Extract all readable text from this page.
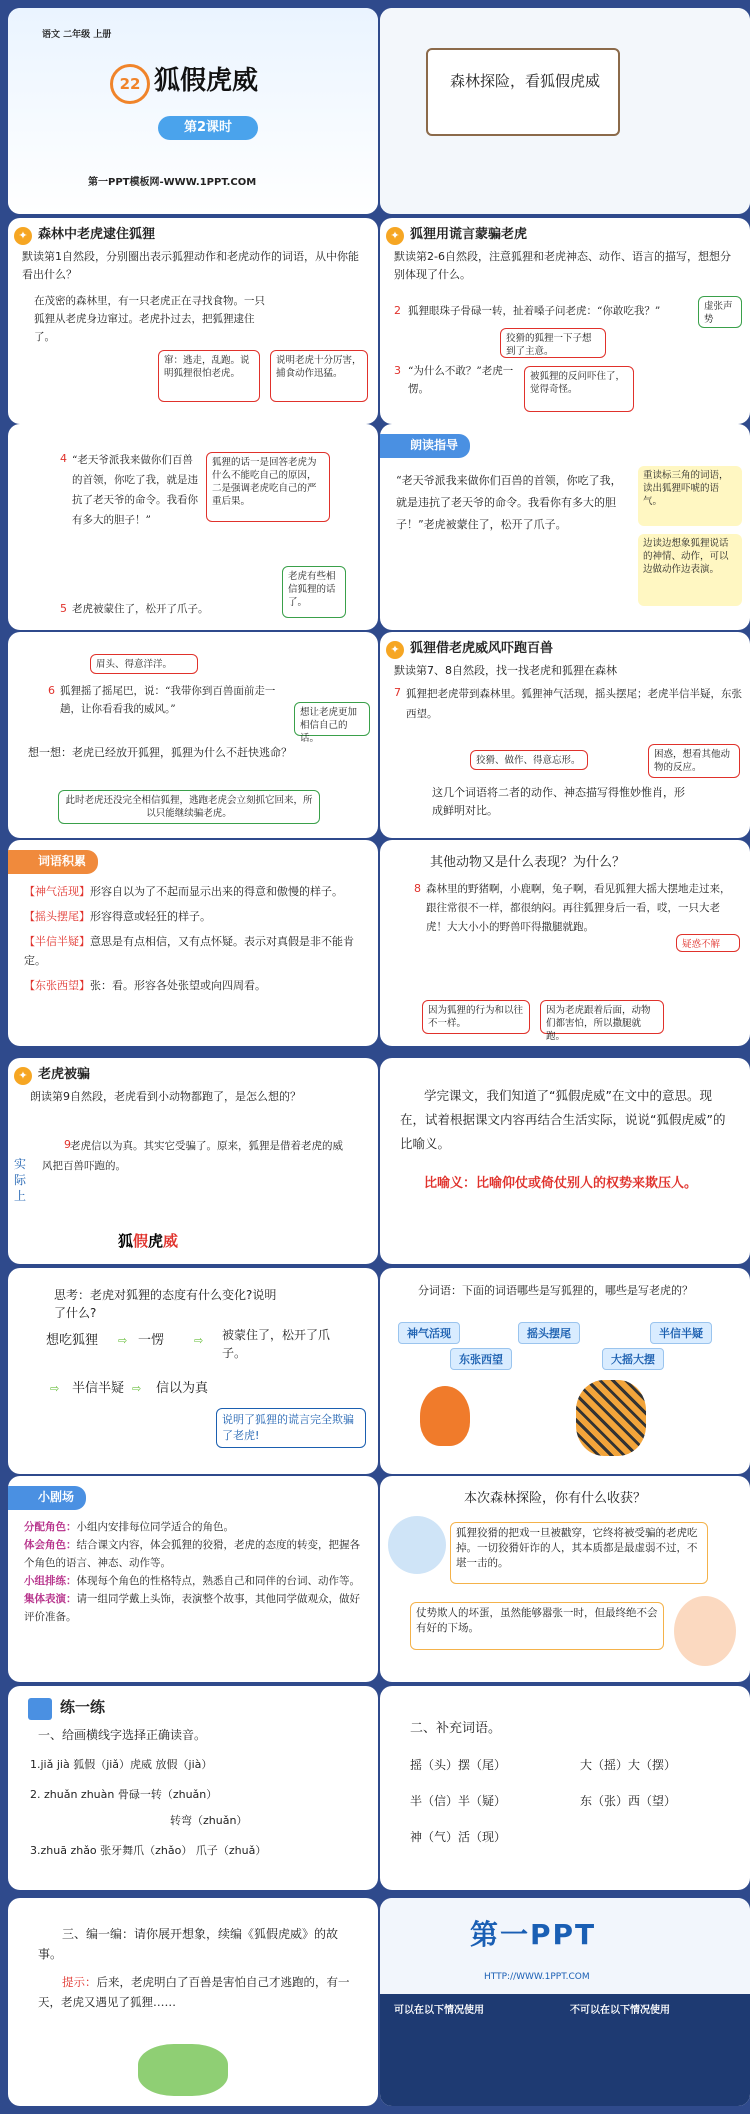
语文 二年级 上册
22 狐假虎威
第2课时
第一PPT模板网-WWW.1PPT.COM
森林探险，看狐假虎威
✦ 森林中老虎逮住狐狸
默读第1自然段，分别圈出表示狐狸动作和老虎动作的词语，从中你能看出什么？
在茂密的森林里，有一只老虎正在寻找食物。一只狐狸从老虎身边窜过。老虎扑过去，把狐狸逮住了。
窜：逃走，乱跑。说明狐狸很怕老虎。
说明老虎十分厉害，捕食动作迅猛。
✦ 狐狸用谎言蒙骗老虎
默读第2-6自然段，注意狐狸和老虎神态、动作、语言的描写，想想分别体现了什么。
2 狐狸眼珠子骨碌一转，扯着嗓子问老虎：“你敢吃我？”
3 “为什么不敢？”老虎一愣。
狡猾的狐狸一下子想到了主意。
虚张声势
被狐狸的反问吓住了，觉得奇怪。
4 “老天爷派我来做你们百兽的首领，你吃了我，就是违抗了老天爷的命令。我看你有多大的胆子！”
5 老虎被蒙住了，松开了爪子。
狐狸的话一是回答老虎为什么不能吃自己的原因，二是强调老虎吃自己的严重后果。
老虎有些相信狐狸的话了。
朗读指导
“老天爷派我来做你们百兽的首领，你吃了我，就是违抗了老天爷的命令。我看你有多大的胆子！”老虎被蒙住了，松开了爪子。
重读标三角的词语，读出狐狸吓唬的语气。
边读边想象狐狸说话的神情、动作，可以边做动作边表演。
眉头、得意洋洋。
6 狐狸摇了摇尾巴，说：“我带你到百兽面前走一趟，让你看看我的威风。”	想让老虎更加相信自己的话。
想一想：老虎已经放开狐狸，狐狸为什么不赶快逃命？
此时老虎还没完全相信狐狸，逃跑老虎会立刻抓它回来，所以只能继续骗老虎。
✦ 狐狸借老虎威风吓跑百兽
默读第7、8自然段，找一找老虎和狐狸在森林
7 狐狸把老虎带到森林里。狐狸神气活现，摇头摆尾；老虎半信半疑，东张西望。
狡猾、做作、得意忘形。
困惑，想看其他动物的反应。
这几个词语将二者的动作、神态描写得惟妙惟肖，形成鲜明对比。
词语积累
【神气活现】形容自以为了不起而显示出来的得意和傲慢的样子。
【摇头摆尾】形容得意或轻狂的样子。
【半信半疑】意思是有点相信，又有点怀疑。表示对真假是非不能肯定。
【东张西望】张：看。形容各处张望或向四周看。
其他动物又是什么表现？为什么？
8 森林里的野猪啊，小鹿啊，兔子啊，看见狐狸大摇大摆地走过来，跟往常很不一样，都很纳闷。再往狐狸身后一看，哎，一只大老虎！大大小小的野兽吓得撒腿就跑。
疑惑不解
因为狐狸的行为和以往不一样。
因为老虎跟着后面，动物们都害怕，所以撒腿就跑。
✦ 老虎被骗
朗读第9自然段，老虎看到小动物都跑了，是怎么想的？
9 老虎信以为真。其实它受骗了。原来，狐狸是借着老虎的威风把百兽吓跑的。
实际上
狐假虎威
学完课文，我们知道了“狐假虎威”在文中的意思。现在，试着根据课文内容再结合生活实际，说说“狐假虎威”的比喻义。
比喻义：比喻仰仗或倚仗别人的权势来欺压人。
思考：老虎对狐狸的态度有什么变化?说明了什么?
想吃狐狸 ⇨ 一愣	⇨ 被蒙住了，松开了爪子。
⇨ 半信半疑 ⇨ 信以为真
说明了狐狸的谎言完全欺骗了老虎!
分词语：下面的词语哪些是写狐狸的，哪些是写老虎的？
神气活现	摇头摆尾	半信半疑
东张西望	大摇大摆
小剧场
分配角色：小组内安排每位同学适合的角色。
体会角色：结合课文内容，体会狐狸的狡猾，老虎的态度的转变，把握各个角色的语言、神态、动作等。
小组排练：体现每个角色的性格特点，熟悉自己和同伴的台词、动作等。
集体表演：请一组同学戴上头饰，表演整个故事，其他同学做观众，做好评价准备。
本次森林探险，你有什么收获？
狐狸狡猾的把戏一旦被戳穿，它终将被受骗的老虎吃掉。一切狡猾奸诈的人，其本质都是最虚弱不过，不堪一击的。
仗势欺人的坏蛋，虽然能够嚣张一时，但最终绝不会有好的下场。
练一练
一、给画横线字选择正确读音。
1.jiǎ jià 狐假（jiǎ）虎威 放假（jià）
2. zhuǎn zhuàn 骨碌一转（zhuǎn）
转弯（zhuǎn）
3.zhuā zhǎo 张牙舞爪（zhǎo） 爪子（zhuǎ）
二、补充词语。
摇（头）摆（尾）	大（摇）大（摆）
半（信）半（疑）	东（张）西（望）
神（气）活（现）
三、编一编：请你展开想象，续编《狐假虎威》的故事。
提示：后来，老虎明白了百兽是害怕自己才逃跑的，有一天，老虎又遇见了狐狸……
第一PPT
HTTP://WWW.1PPT.COM
可以在以下情况使用	不可以在以下情况使用
